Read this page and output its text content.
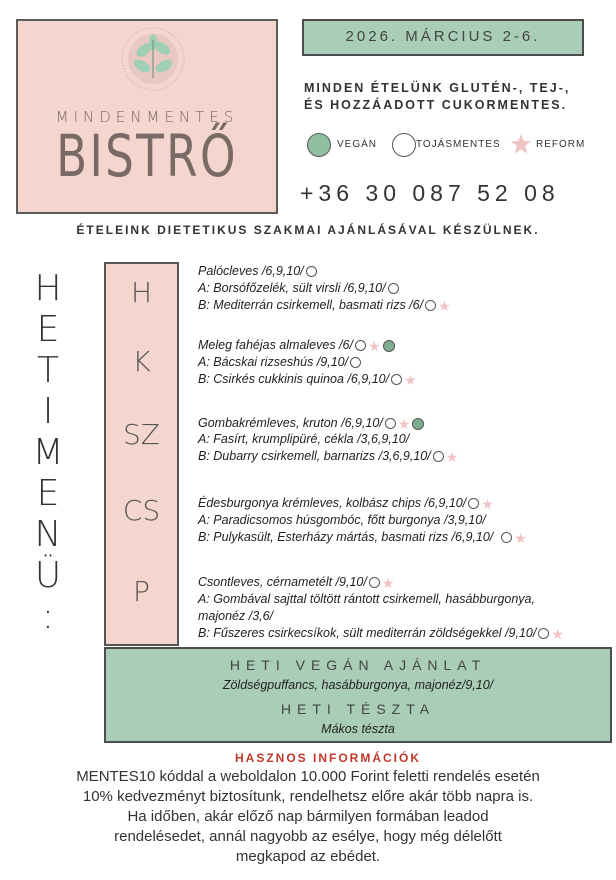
MINDENMENTES
BISTRŐ
2026. MÁRCIUS 2-6.
MINDEN ÉTELÜNK GLUTÉN-, TEJ-,
ÉS HOZZÁADOTT CUKORMENTES.
VEGÁN	TOJÁSMENTES	REFORM
+36 30 087 52 08
ÉTELEINK DIETETIKUS SZAKMAI AJÁNLÁSÁVAL KÉSZÜLNEK.
H
E
T
I
M
E
N
Ü
:
H
K
SZ
CS
P
Palócleves /6,9,10/
A: Borsófőzelék, sült virsli /6,9,10/
B: Mediterrán csirkemell, basmati rizs /6/ ★
Meleg fahéjas almaleves /6/ ★
A: Bácskai rizseshús /9,10/
B: Csirkés cukkinis quinoa /6,9,10/ ★
Gombakrémleves, kruton /6,9,10/ ★
A: Fasírt, krumplipüré, cékla /3,6,9,10/
B: Dubarry csirkemell, barnarizs /3,6,9,10/ ★
Édesburgonya krémleves, kolbász chips /6,9,10/ ★
A: Paradicsomos húsgombóc, főtt burgonya /3,9,10/
B: Pulykasült, Esterházy mártás, basmati rizs /6,9,10/ ★
Csontleves, cérnametélt /9,10/ ★
A: Gombával sajttal töltött rántott csirkemell, hasábburgonya,
majonéz /3,6/
B: Fűszeres csirkecsíkok, sült mediterrán zöldségekkel /9,10/ ★
HETI VEGÁN AJÁNLAT
Zöldségpuffancs, hasábburgonya, majonéz/9,10/
HETI TÉSZTA
Mákos tészta
HASZNOS INFORMÁCIÓK
MENTES10 kóddal a weboldalon 10.000 Forint feletti rendelés esetén
10% kedvezményt biztosítunk, rendelhetsz előre akár több napra is.
Ha időben, akár előző nap bármilyen formában leadod
rendelésedet, annál nagyobb az esélye, hogy még délelőtt
megkapod az ebédet.
